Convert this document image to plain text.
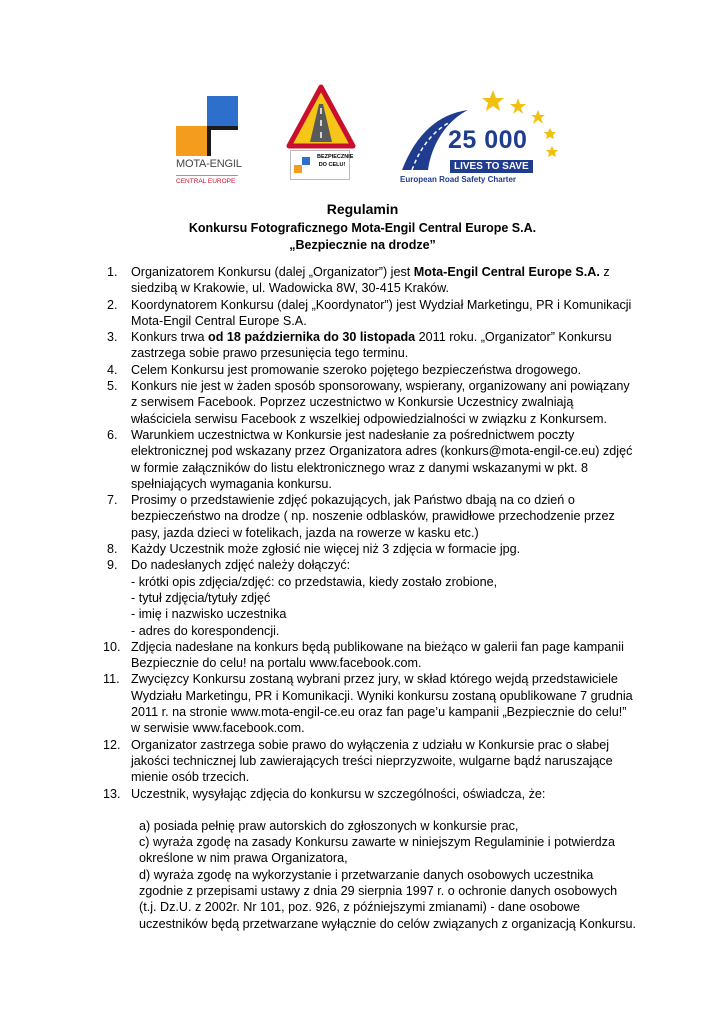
MOTA-ENGIL
CENTRAL EUROPE
BEZPIECZNIE
DO CELU!
25 000
LIVES TO SAVE
European Road Safety Charter
Regulamin
Konkursu Fotograficznego Mota-Engil Central Europe S.A.
„Bezpiecznie na drodze”
1.	Organizatorem Konkursu (dalej „Organizator”) jest Mota-Engil Central Europe S.A. z siedzibą w Krakowie, ul. Wadowicka 8W, 30-415 Kraków.
2.	Koordynatorem Konkursu (dalej „Koordynator”) jest Wydział Marketingu, PR i Komunikacji Mota-Engil Central Europe S.A.
3.	Konkurs trwa od 18 października do 30 listopada 2011 roku. „Organizator” Konkursu zastrzega sobie prawo przesunięcia tego terminu.
4.	Celem Konkursu jest promowanie szeroko pojętego bezpieczeństwa drogowego.
5.	Konkurs nie jest w żaden sposób sponsorowany, wspierany, organizowany ani powiązany z serwisem Facebook. Poprzez uczestnictwo w Konkursie Uczestnicy zwalniają właściciela serwisu Facebook z wszelkiej odpowiedzialności w związku z Konkursem.
6.	Warunkiem uczestnictwa w Konkursie jest nadesłanie za pośrednictwem poczty elektronicznej pod wskazany przez Organizatora adres (konkurs@mota-engil-ce.eu) zdjęć w formie załączników do listu elektronicznego wraz z danymi wskazanymi w pkt. 8 spełniających wymagania konkursu.
7.	Prosimy o przedstawienie zdjęć pokazujących, jak Państwo dbają na co dzień o bezpieczeństwo na drodze ( np. noszenie odblasków, prawidłowe przechodzenie przez pasy, jazda dzieci w fotelikach, jazda na rowerze w kasku etc.)
8.	Każdy Uczestnik może zgłosić nie więcej niż 3 zdjęcia w formacie jpg.
9.	Do nadesłanych zdjęć należy dołączyć:
- krótki opis zdjęcia/zdjęć: co przedstawia, kiedy zostało zrobione,
- tytuł zdjęcia/tytuły zdjęć
- imię i nazwisko uczestnika
- adres do korespondencji.
10. Zdjęcia nadesłane na konkurs będą publikowane na bieżąco w galerii fan page kampanii Bezpiecznie do celu! na portalu www.facebook.com.
11. Zwycięzcy Konkursu zostaną wybrani przez jury, w skład którego wejdą przedstawiciele Wydziału Marketingu, PR i Komunikacji. Wyniki konkursu zostaną opublikowane 7 grudnia 2011 r. na stronie www.mota-engil-ce.eu oraz fan page’u kampanii „Bezpiecznie do celu!” w serwisie www.facebook.com.
12. Organizator zastrzega sobie prawo do wyłączenia z udziału w Konkursie prac o słabej jakości technicznej lub zawierających treści nieprzyzwoite, wulgarne bądź naruszające mienie osób trzecich.
13. Uczestnik, wysyłając zdjęcia do konkursu w szczególności, oświadcza, że:

a) posiada pełnię praw autorskich do zgłoszonych w konkursie prac,

c) wyraża zgodę na zasady Konkursu zawarte w niniejszym Regulaminie i potwierdza określone w nim prawa Organizatora,

d) wyraża zgodę na wykorzystanie i przetwarzanie danych osobowych uczestnika zgodnie z przepisami ustawy z dnia 29 sierpnia 1997 r. o ochronie danych osobowych (t.j. Dz.U. z 2002r. Nr 101, poz. 926, z późniejszymi zmianami) - dane osobowe uczestników będą przetwarzane wyłącznie do celów związanych z organizacją Konkursu.
